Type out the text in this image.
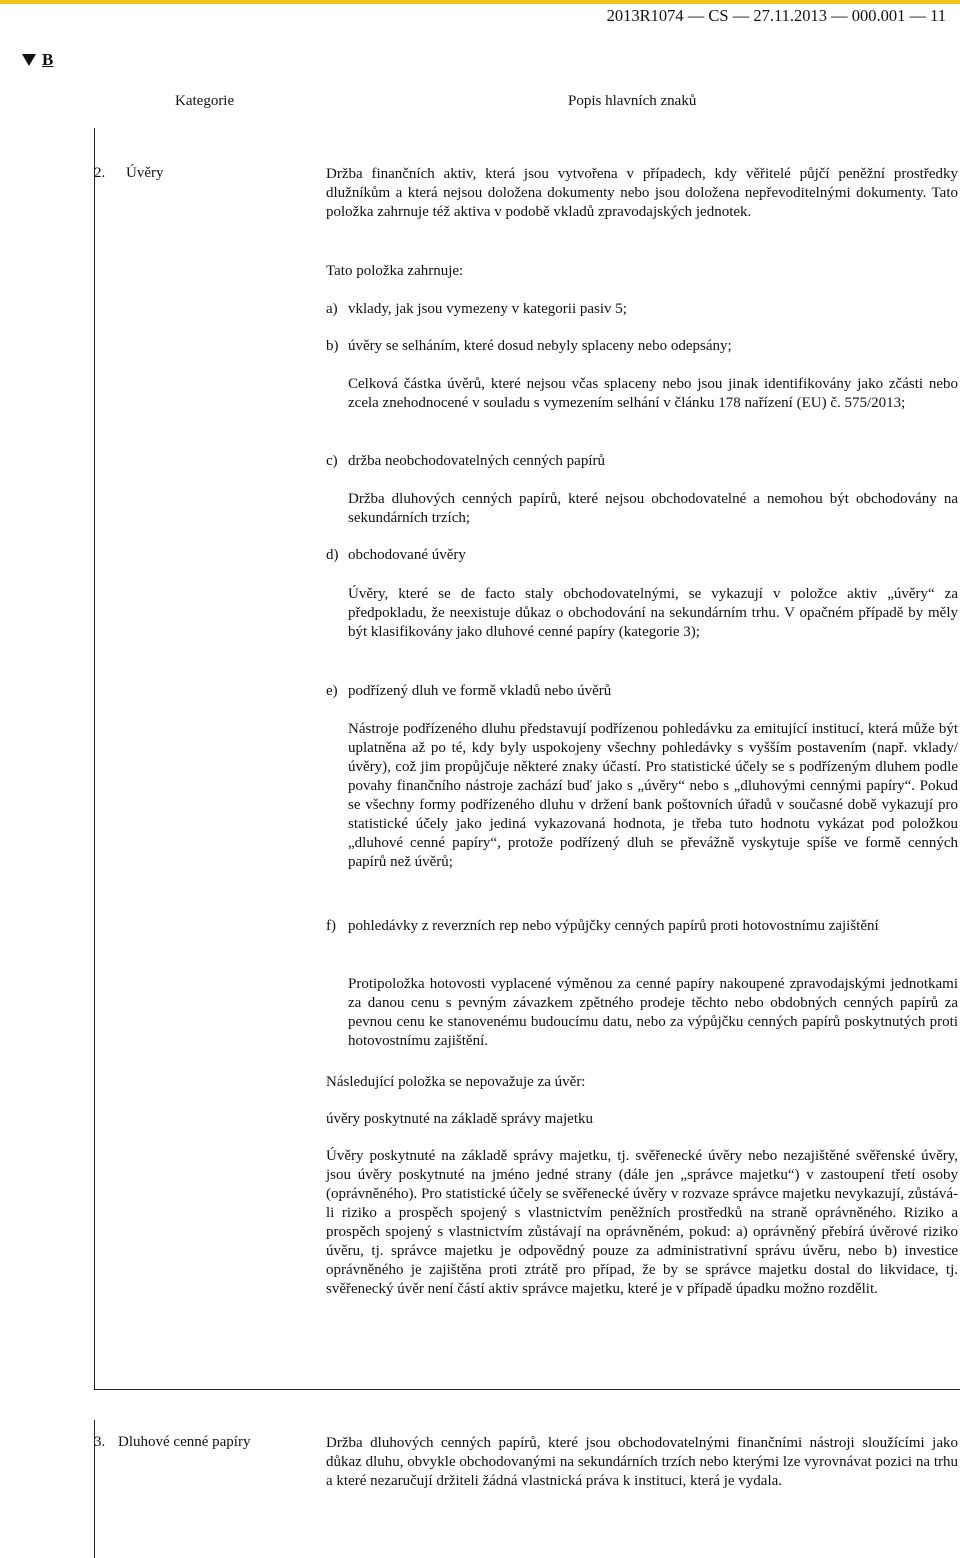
2013R1074 — CS — 27.11.2013 — 000.001 — 11
B
Kategorie	Popis hlavních znaků
2. Úvěry	Držba finančních aktiv, která jsou vytvořena v případech, kdy věřitelé půjčí peněžní prostředky dlužníkům a která nejsou doložena dokumenty nebo jsou doložena nepřevoditelnými dokumenty. Tato položka zahrnuje též aktiva v podobě vkladů zpravodajských jednotek.

Tato položka zahrnuje:

a) vklady, jak jsou vymezeny v kategorii pasiv 5;
b) úvěry se selháním, které dosud nebyly splaceny nebo odepsány;

Celková částka úvěrů, které nejsou včas splaceny nebo jsou jinak identifikovány jako zčásti nebo zcela znehodnocené v souladu s vymezením selhání v článku 178 nařízení (EU) č. 575/2013;

c) držba neobchodovatelných cenných papírů

Držba dluhových cenných papírů, které nejsou obchodovatelné a nemohou být obchodovány na sekundárních trzích;

d) obchodované úvěry

Úvěry, které se de facto staly obchodovatelnými, se vykazují v položce aktiv „úvěry“ za předpokladu, že neexistuje důkaz o obchodování na sekundárním trhu. V opačném případě by měly být klasifikovány jako dluhové cenné papíry (kategorie 3);

e) podřízený dluh ve formě vkladů nebo úvěrů

Nástroje podřízeného dluhu představují podřízenou pohledávku za emitující institucí, která může být uplatněna až po té, kdy byly uspokojeny všechny pohledávky s vyšším postavením (např. vklady/úvěry), což jim propůjčuje některé znaky účastí. Pro statistické účely se s podřízeným dluhem podle povahy finančního nástroje zachází buď jako s „úvěry“ nebo s „dluhovými cennými papíry“. Pokud se všechny formy podřízeného dluhu v držení bank poštovních úřadů v současné době vykazují pro statistické účely jako jediná vykazovaná hodnota, je třeba tuto hodnotu vykázat pod položkou „dluhové cenné papíry“, protože podřízený dluh se převážně vyskytuje spíše ve formě cenných papírů než úvěrů;

f) pohledávky z reverzních rep nebo výpůjčky cenných papírů proti hotovostnímu zajištění

Protipoložka hotovosti vyplacené výměnou za cenné papíry nakoupené zpravodajskými jednotkami za danou cenu s pevným závazkem zpětného prodeje těchto nebo obdobných cenných papírů za pevnou cenu ke stanovenému budoucímu datu, nebo za výpůjčku cenných papírů poskytnutých proti hotovostnímu zajištění.

Následující položka se nepovažuje za úvěr:

úvěry poskytnuté na základě správy majetku

Úvěry poskytnuté na základě správy majetku, tj. svěřenecké úvěry nebo nezajištěné svěřenské úvěry, jsou úvěry poskytnuté na jméno jedné strany (dále jen „správce majetku“) v zastoupení třetí osoby (oprávněného). Pro statistické účely se svěřenecké úvěry v rozvaze správce majetku nevykazují, zůstává-li riziko a prospěch spojený s vlastnictvím peněžních prostředků na straně oprávněného. Riziko a prospěch spojený s vlastnictvím zůstávají na oprávněném, pokud: a) oprávněný přebírá úvěrové riziko úvěru, tj. správce majetku je odpovědný pouze za administrativní správu úvěru, nebo b) investice oprávněného je zajištěna proti ztrátě pro případ, že by se správce majetku dostal do likvidace, tj. svěřenecký úvěr není částí aktiv správce majetku, které je v případě úpadku možno rozdělit.

3. Dluhové cenné papíry	Držba dluhových cenných papírů, které jsou obchodovatelnými finančními nástroji sloužícími jako důkaz dluhu, obvykle obchodovanými na sekundárních trzích nebo kterými lze vyrovnávat pozici na trhu a které nezaručují držiteli žádná vlastnická práva k instituci, která je vydala.
